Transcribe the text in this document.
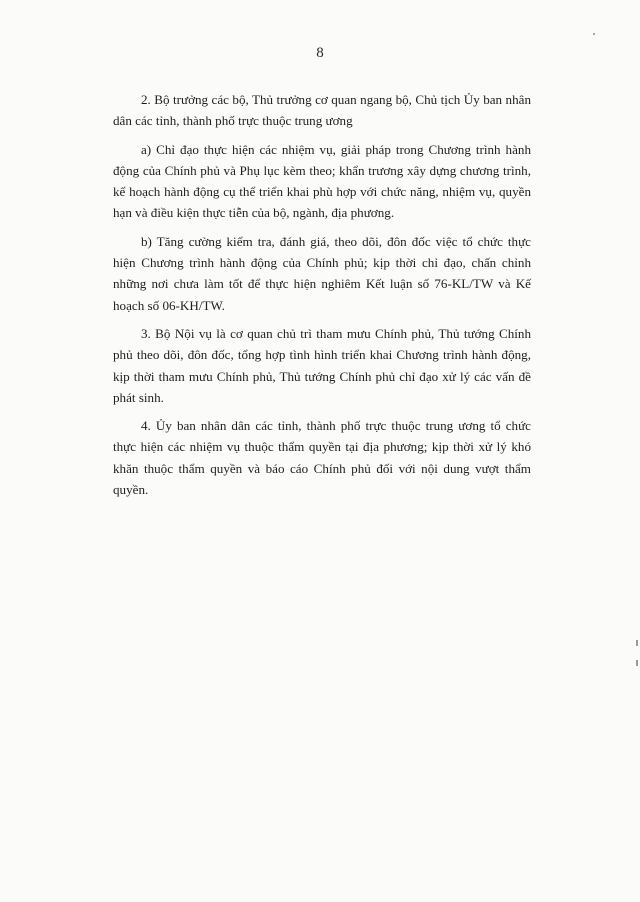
8

2. Bộ trưởng các bộ, Thủ trưởng cơ quan ngang bộ, Chủ tịch Ủy ban nhân dân các tỉnh, thành phố trực thuộc trung ương

a) Chỉ đạo thực hiện các nhiệm vụ, giải pháp trong Chương trình hành động của Chính phủ và Phụ lục kèm theo; khẩn trương xây dựng chương trình, kế hoạch hành động cụ thể triển khai phù hợp với chức năng, nhiệm vụ, quyền hạn và điều kiện thực tiễn của bộ, ngành, địa phương.

b) Tăng cường kiểm tra, đánh giá, theo dõi, đôn đốc việc tổ chức thực hiện Chương trình hành động của Chính phủ; kịp thời chỉ đạo, chấn chỉnh những nơi chưa làm tốt để thực hiện nghiêm Kết luận số 76-KL/TW và Kế hoạch số 06-KH/TW.

3. Bộ Nội vụ là cơ quan chủ trì tham mưu Chính phủ, Thủ tướng Chính phủ theo dõi, đôn đốc, tổng hợp tình hình triển khai Chương trình hành động, kịp thời tham mưu Chính phủ, Thủ tướng Chính phủ chỉ đạo xử lý các vấn đề phát sinh.

4. Ủy ban nhân dân các tỉnh, thành phố trực thuộc trung ương tổ chức thực hiện các nhiệm vụ thuộc thẩm quyền tại địa phương; kịp thời xử lý khó khăn thuộc thẩm quyền và báo cáo Chính phủ đối với nội dung vượt thẩm quyền.
